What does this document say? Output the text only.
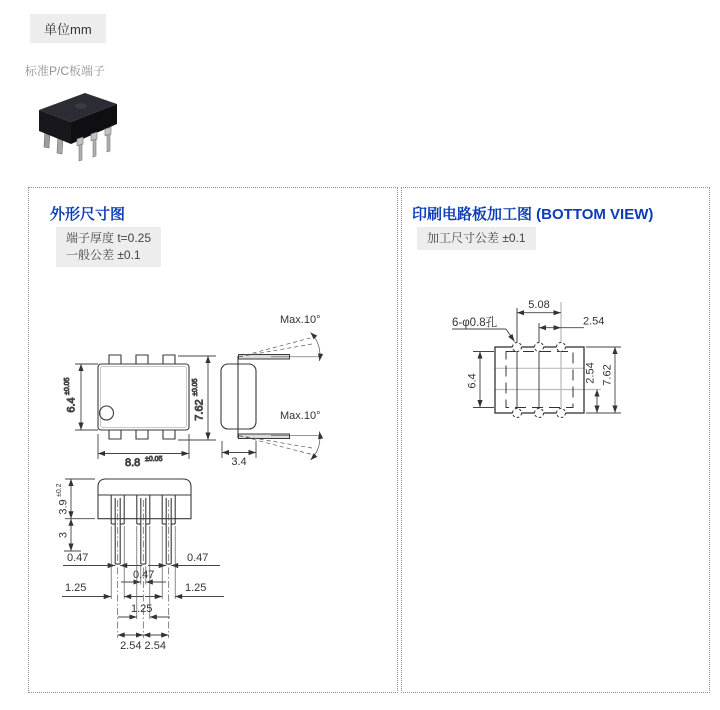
单位mm
标准P/C板端子
外形尺寸图
端子厚度 t=0.25
一般公差 ±0.1
6.4
±0.05
8.8 ±0.05
7.62
±0.05
Max.10°
Max.10°
3.4
3.9
±0.2
3
0.47	0.47
0.47
1.25	1.25
1.25
2.54 2.54
印刷电路板加工图 (BOTTOM VIEW)
加工尺寸公差 ±0.1
5.08
2.54
6-φ0.8孔
6.4	2.54 7.62
